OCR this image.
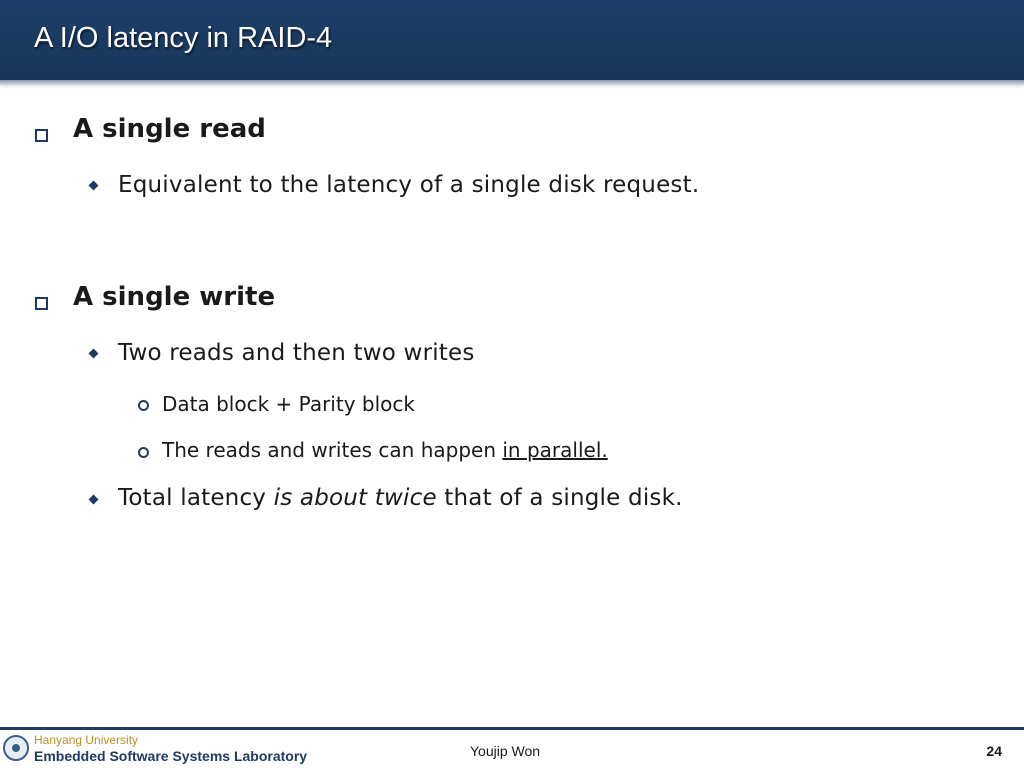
A I/O latency in RAID-4
A single read
Equivalent to the latency of a single disk request.
A single write
Two reads and then two writes
Data block + Parity block
The reads and writes can happen in parallel.
Total latency is about twice that of a single disk.
Hanyang University
Embedded Software Systems Laboratory	Youjip Won	24
